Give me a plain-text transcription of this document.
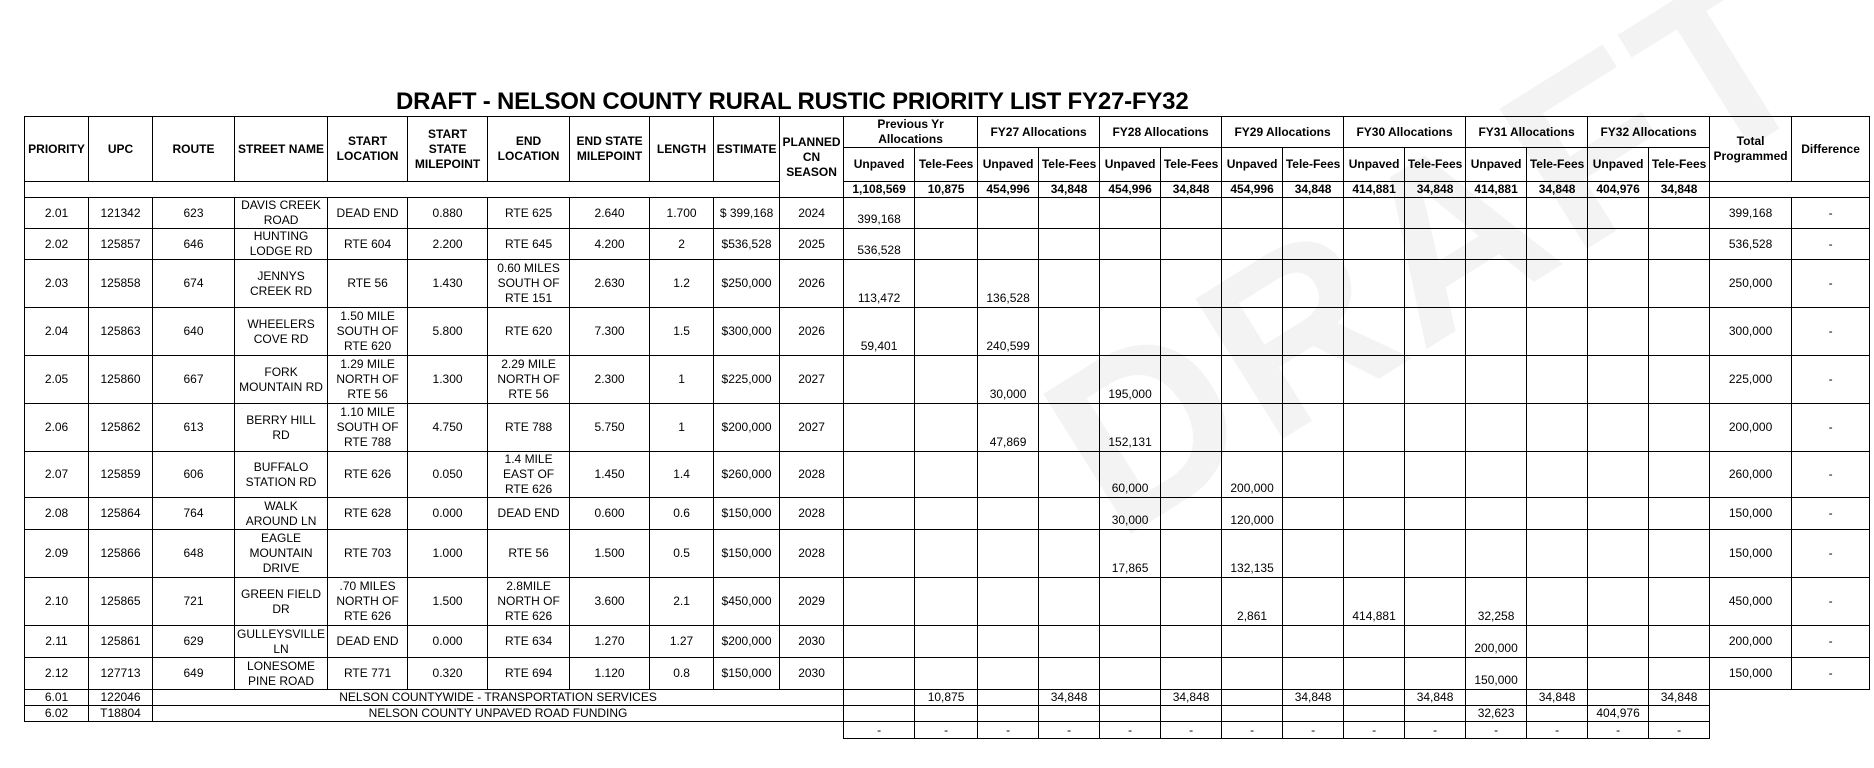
DRAFT - NELSON COUNTY RURAL RUSTIC PRIORITY LIST FY27-FY32
PRIORITY	UPC	ROUTE	STREET NAME	START LOCATION	START STATE MILEPOINT	END LOCATION	END STATE MILEPOINT	LENGTH	ESTIMATE	PLANNED CN SEASON	Previous Yr Allocations		FY27 Allocations		FY28 Allocations		FY29 Allocations		FY30 Allocations		FY31 Allocations		FY32 Allocations		Total Programmed	Difference
											Unpaved	Tele-Fees	Unpaved	Tele-Fees	Unpaved	Tele-Fees	Unpaved	Tele-Fees	Unpaved	Tele-Fees	Unpaved	Tele-Fees	Unpaved	Tele-Fees		
											1,108,569	10,875	454,996	34,848	454,996	34,848	454,996	34,848	414,881	34,848	414,881	34,848	404,976	34,848		
2.01	121342	623	DAVIS CREEK ROAD	DEAD END	0.880	RTE 625	2.640	1.700	$ 399,168	2024	399,168														399,168	-
2.02	125857	646	HUNTING LODGE RD	RTE 604	2.200	RTE 645	4.200	2	$536,528	2025	536,528														536,528	-
2.03	125858	674	JENNYS CREEK RD	RTE 56	1.430	0.60 MILES SOUTH OF RTE 151	2.630	1.2	$250,000	2026	113,472		136,528												250,000	-
2.04	125863	640	WHEELERS COVE RD	1.50 MILE SOUTH OF RTE 620	5.800	RTE 620	7.300	1.5	$300,000	2026	59,401		240,599												300,000	-
2.05	125860	667	FORK MOUNTAIN RD	1.29 MILE NORTH OF RTE 56	1.300	2.29 MILE NORTH OF RTE 56	2.300	1	$225,000	2027			30,000		195,000										225,000	-
2.06	125862	613	BERRY HILL RD	1.10 MILE SOUTH OF RTE 788	4.750	RTE 788	5.750	1	$200,000	2027			47,869		152,131										200,000	-
2.07	125859	606	BUFFALO STATION RD	RTE 626	0.050	1.4 MILE EAST OF RTE 626	1.450	1.4	$260,000	2028					60,000		200,000								260,000	-
2.08	125864	764	WALK AROUND LN	RTE 628	0.000	DEAD END	0.600	0.6	$150,000	2028					30,000		120,000								150,000	-
2.09	125866	648	EAGLE MOUNTAIN DRIVE	RTE 703	1.000	RTE 56	1.500	0.5	$150,000	2028					17,865		132,135								150,000	-
2.10	125865	721	GREEN FIELD DR	.70 MILES NORTH OF RTE 626	1.500	2.8MILE NORTH OF RTE 626	3.600	2.1	$450,000	2029							2,861		414,881		32,258				450,000	-
2.11	125861	629	GULLEYSVILLE LN	DEAD END	0.000	RTE 634	1.270	1.27	$200,000	2030											200,000				200,000	-
2.12	127713	649	LONESOME PINE ROAD	RTE 771	0.320	RTE 694	1.120	0.8	$150,000	2030											150,000				150,000	-
6.01	122046	NELSON COUNTYWIDE - TRANSPORTATION SERVICES										10,875		34,848		34,848		34,848		34,848		34,848		34,848		
6.02	T18804	NELSON COUNTY UNPAVED ROAD FUNDING																			32,623		404,976			
											-	-	-	-	-	-	-	-	-	-	-	-	-	-		
